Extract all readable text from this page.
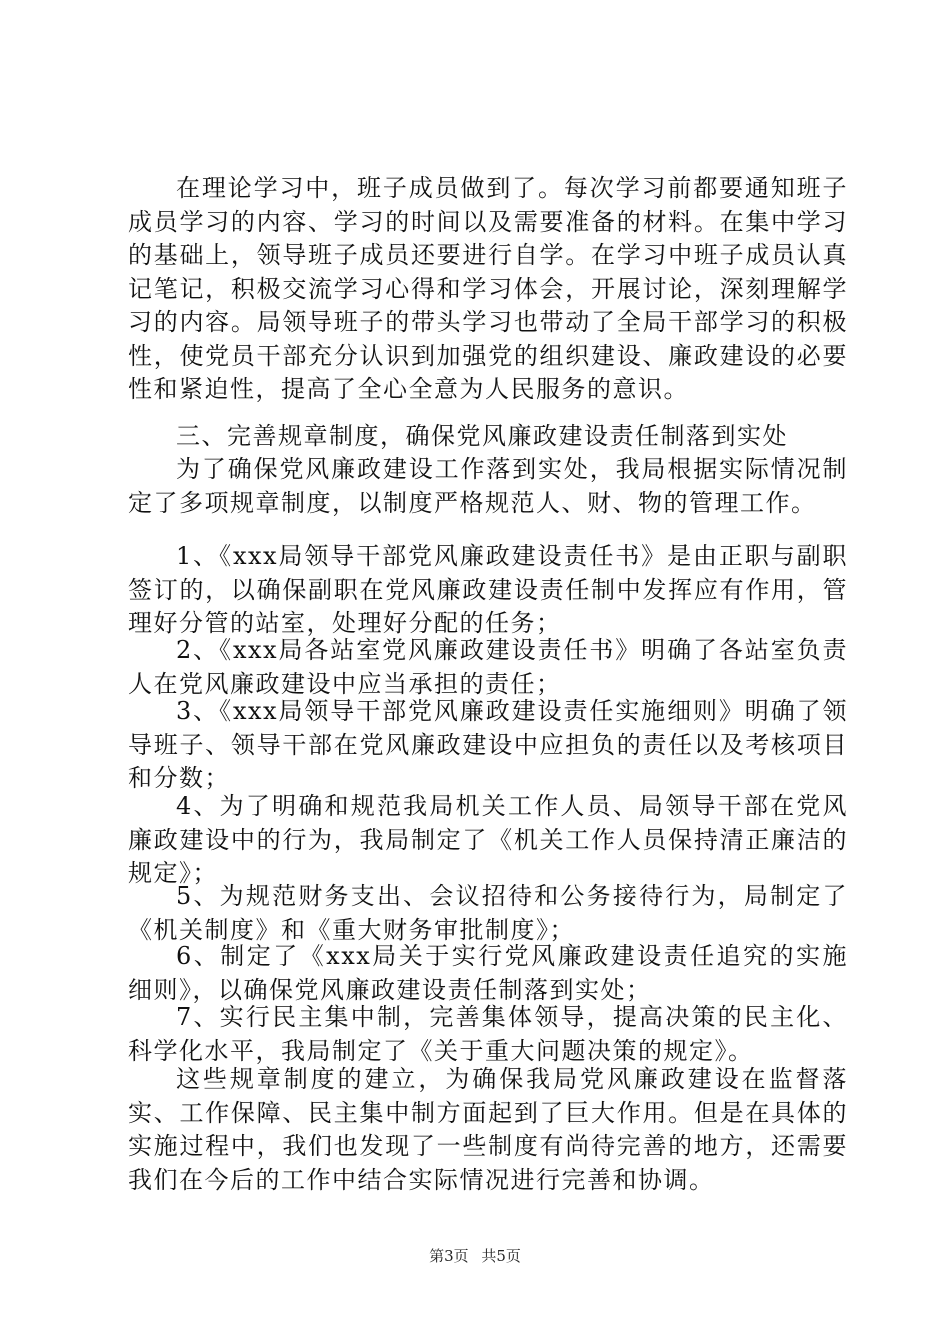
在理论学习中，班子成员做到了。每次学习前都要通知班子成员学习的内容、学习的时间以及需要准备的材料。在集中学习的基础上，领导班子成员还要进行自学。在学习中班子成员认真记笔记，积极交流学习心得和学习体会，开展讨论，深刻理解学习的内容。局领导班子的带头学习也带动了全局干部学习的积极性，使党员干部充分认识到加强党的组织建设、廉政建设的必要性和紧迫性，提高了全心全意为人民服务的意识。

三、完善规章制度，确保党风廉政建设责任制落到实处

为了确保党风廉政建设工作落到实处，我局根据实际情况制定了多项规章制度，以制度严格规范人、财、物的管理工作。

1、《xxx局领导干部党风廉政建设责任书》是由正职与副职签订的，以确保副职在党风廉政建设责任制中发挥应有作用，管理好分管的站室，处理好分配的任务；

2、《xxx局各站室党风廉政建设责任书》明确了各站室负责人在党风廉政建设中应当承担的责任；

3、《xxx局领导干部党风廉政建设责任实施细则》明确了领导班子、领导干部在党风廉政建设中应担负的责任以及考核项目和分数；

4、为了明确和规范我局机关工作人员、局领导干部在党风廉政建设中的行为，我局制定了《机关工作人员保持清正廉洁的规定》；

5、为规范财务支出、会议招待和公务接待行为，局制定了《机关制度》和《重大财务审批制度》；

6、制定了《xxx局关于实行党风廉政建设责任追究的实施细则》，以确保党风廉政建设责任制落到实处；

7、实行民主集中制，完善集体领导，提高决策的民主化、科学化水平，我局制定了《关于重大问题决策的规定》。

这些规章制度的建立，为确保我局党风廉政建设在监督落实、工作保障、民主集中制方面起到了巨大作用。但是在具体的实施过程中，我们也发现了一些制度有尚待完善的地方，还需要我们在今后的工作中结合实际情况进行完善和协调。

第3页 共5页
